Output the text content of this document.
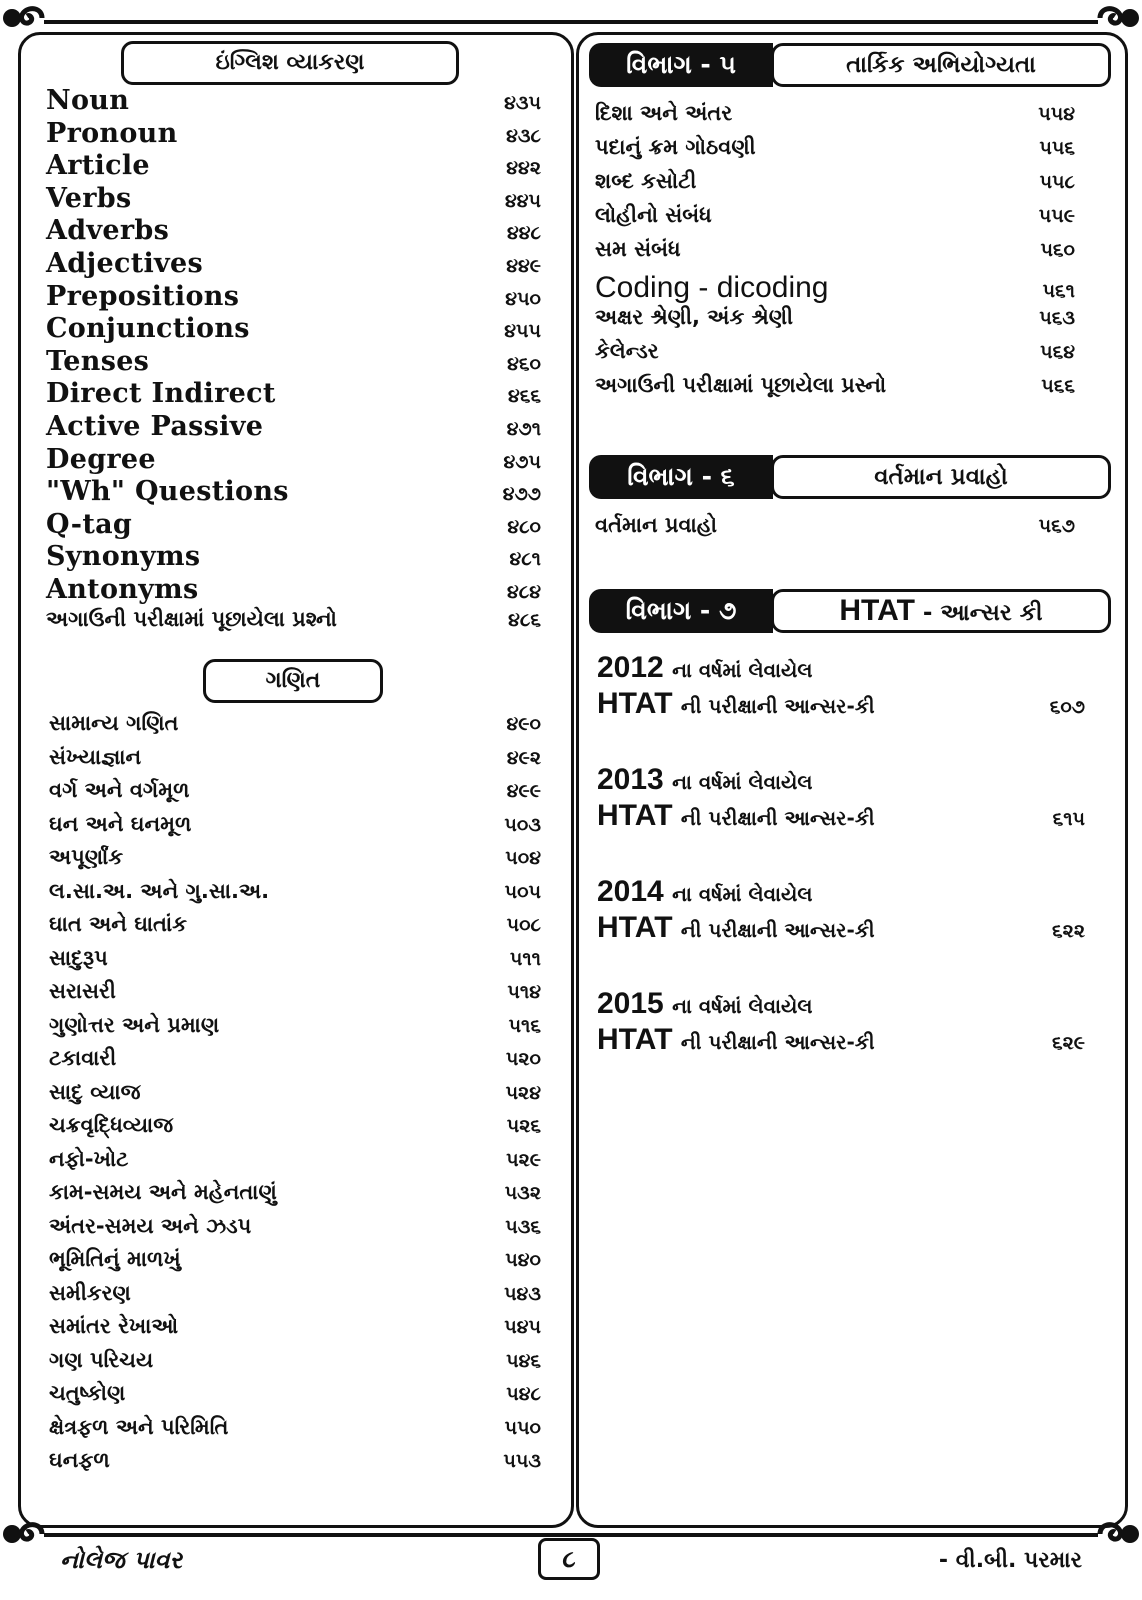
ઇંગ્લિશ વ્યાકરણ
Noun	૪૩૫
Pronoun	૪૩૮
Article	૪૪૨
Verbs	૪૪૫
Adverbs	૪૪૮
Adjectives	૪૪૯
Prepositions	૪૫૦
Conjunctions	૪૫૫
Tenses	૪૬૦
Direct Indirect	૪૬૬
Active Passive	૪૭૧
Degree	૪૭૫
"Wh" Questions	૪૭૭
Q-tag	૪૮૦
Synonyms	૪૮૧
Antonyms	૪૮૪
અગાઉની પરીક્ષામાં પૂછાયેલા પ્રશ્નો	૪૮૬
ગણિત
સામાન્ય ગણિત	૪૯૦
સંખ્યાજ્ઞાન	૪૯૨
વર્ગ અને વર્ગમૂળ	૪૯૯
ઘન અને ઘનમૂળ	૫૦૩
અપૂર્ણાંક	૫૦૪
લ.સા.અ. અને ગુ.સા.અ.	૫૦૫
ઘાત અને ઘાતાંક	૫૦૮
સાદુરૂપ	૫૧૧
સરાસરી	૫૧૪
ગુણોત્તર અને પ્રમાણ	૫૧૬
ટકાવારી	૫૨૦
સાદુ વ્યાજ	૫૨૪
ચક્રવૃદ્ધિવ્યાજ	૫૨૬
નફો-ખોટ	૫૨૯
કામ-સમય અને મહેનતાણું	૫૩૨
અંતર-સમય અને ઝડપ	૫૩૬
ભૂમિતિનું માળખું	૫૪૦
સમીકરણ	૫૪૩
સમાંતર રેખાઓ	૫૪૫
ગણ પરિચય	૫૪૬
ચતુષ્કોણ	૫૪૮
ક્ષેત્રફળ અને પરિમિતિ	૫૫૦
ઘનફળ	૫૫૩
વિભાગ - ૫	તાર્કિક અભિયોગ્યતા
દિશા અને અંતર	૫૫૪
પદાનું ક્રમ ગોઠવણી	૫૫૬
શબ્દ કસોટી	૫૫૮
લોહીનો સંબંધ	૫૫૯
સમ સંબંધ	૫૬૦
Coding - dicoding	૫૬૧
અક્ષર શ્રેણી, અંક શ્રેણી	૫૬૩
કેલેન્ડર	૫૬૪
અગાઉની પરીક્ષામાં પૂછાયેલા પ્રસ્નો	૫૬૬
વિભાગ - ૬	વર્તમાન પ્રવાહો
વર્તમાન પ્રવાહો	૫૬૭
વિભાગ - ૭	HTAT - આન્સર કી
2012 ના વર્ષમાં લેવાયેલ
HTAT ની પરીક્ષાની આન્સર-કી	૬૦૭
2013 ના વર્ષમાં લેવાયેલ
HTAT ની પરીક્ષાની આન્સર-કી	૬૧૫
2014 ના વર્ષમાં લેવાયેલ
HTAT ની પરીક્ષાની આન્સર-કી	૬૨૨
2015 ના વર્ષમાં લેવાયેલ
HTAT ની પરીક્ષાની આન્સર-કી	૬૨૯
નોલેજ પાવર	૮	- વી.બી. પરમાર
